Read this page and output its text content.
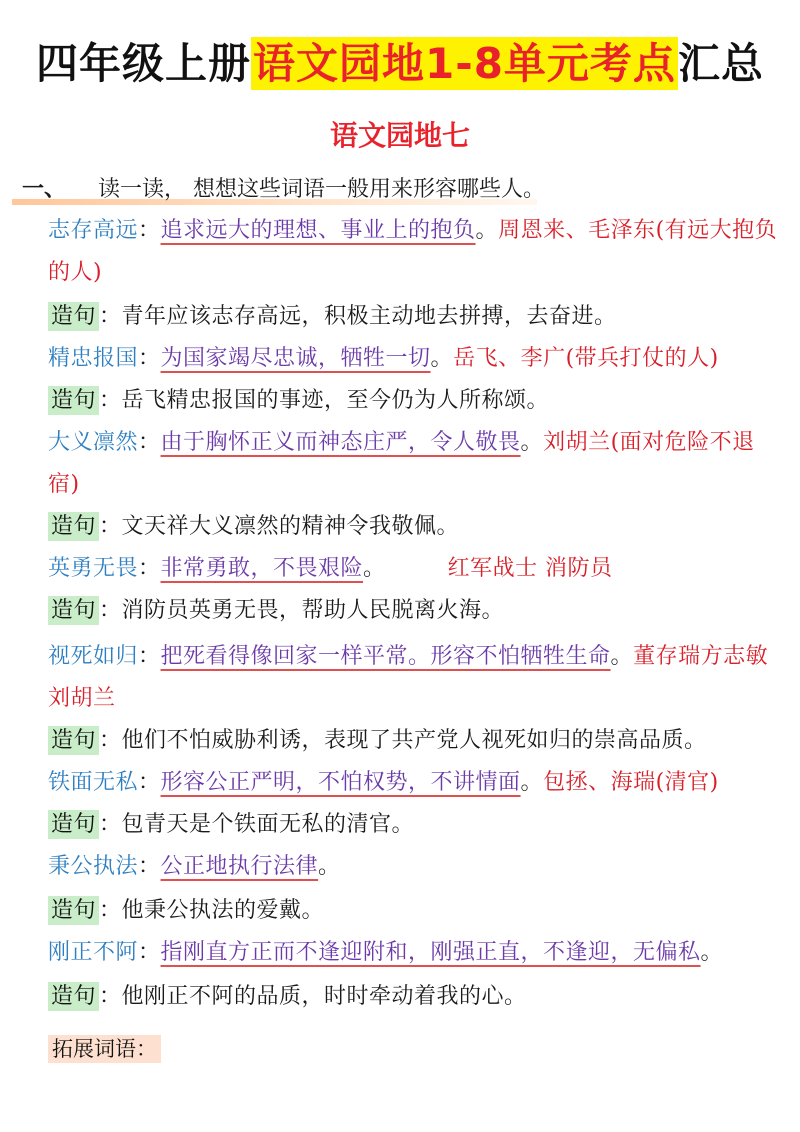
四年级上册语文园地1-8单元考点汇总
语文园地七
一、 读一读， 想想这些词语一般用来形容哪些人。
志存高远：追求远大的理想、事业上的抱负。周恩来、毛泽东(有远大抱负的人)
造句 ：青年应该志存高远，积极主动地去拼搏，去奋进。
精忠报国：为国家竭尽忠诚，牺牲一切。岳飞、李广(带兵打仗的人)
造句 ：岳飞精忠报国的事迹，至今仍为人所称颂。
大义凛然：由于胸怀正义而神态庄严，令人敬畏。刘胡兰(面对危险不退宿)
造句 ：文天祥大义凛然的精神令我敬佩。
英勇无畏：非常勇敢，不畏艰险。	红军战士 消防员
造句 ：消防员英勇无畏，帮助人民脱离火海。
视死如归：把死看得像回家一样平常。形容不怕牺牲生命。董存瑞方志敏 刘胡兰
造句 ：他们不怕威胁利诱，表现了共产党人视死如归的崇高品质。
铁面无私：形容公正严明，不怕权势，不讲情面。包拯、海瑞(清官)
造句 ：包青天是个铁面无私的清官。
秉公执法：公正地执行法律。
造句 ：他秉公执法的爱戴。
刚正不阿：指刚直方正而不逢迎附和，刚强正直，不逢迎，无偏私。
造句 ：他刚正不阿的品质，时时牵动着我的心。
拓展词语：
